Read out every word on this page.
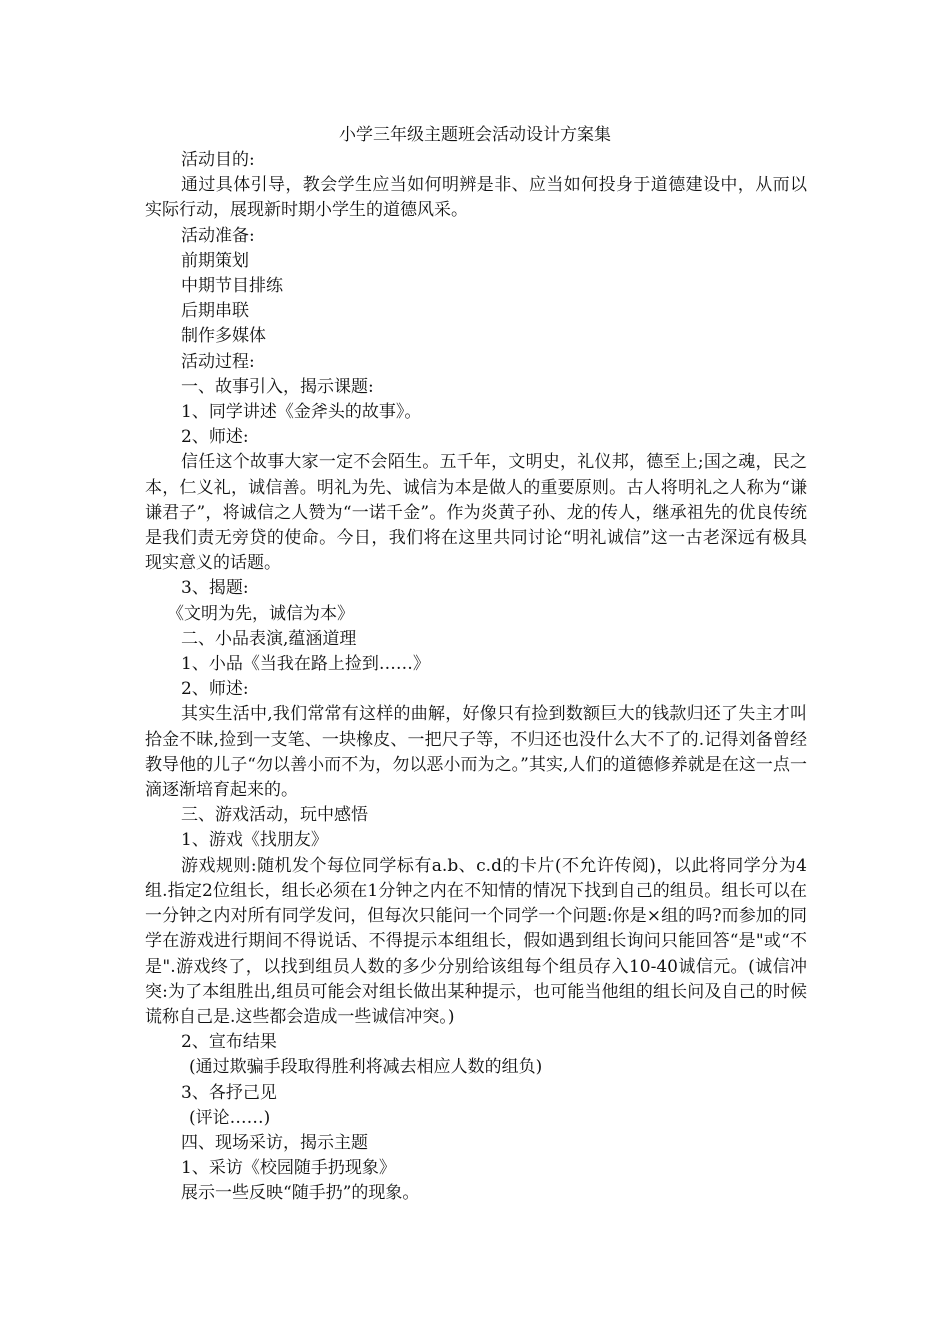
小学三年级主题班会活动设计方案集

活动目的:

通过具体引导，教会学生应当如何明辨是非、应当如何投身于道德建设中，从而以实际行动，展现新时期小学生的道德风采。

活动准备:

前期策划

中期节目排练

后期串联

制作多媒体

活动过程:

一、故事引入，揭示课题:

1、同学讲述《金斧头的故事》。

2、师述:

信任这个故事大家一定不会陌生。五千年，文明史，礼仪邦，德至上;国之魂，民之本，仁义礼，诚信善。明礼为先、诚信为本是做人的重要原则。古人将明礼之人称为“谦谦君子”，将诚信之人赞为“一诺千金”。作为炎黄子孙、龙的传人，继承祖先的优良传统是我们责无旁贷的使命。今日，我们将在这里共同讨论“明礼诚信”这一古老深远有极具现实意义的话题。

3、揭题:

《文明为先，诚信为本》

二、小品表演,蕴涵道理

1、小品《当我在路上捡到……》

2、师述:

其实生活中,我们常常有这样的曲解，好像只有捡到数额巨大的钱款归还了失主才叫拾金不昧,捡到一支笔、一块橡皮、一把尺子等，不归还也没什么大不了的.记得刘备曾经教导他的儿子“勿以善小而不为，勿以恶小而为之。”其实,人们的道德修养就是在这一点一滴逐渐培育起来的。

三、游戏活动，玩中感悟

1、游戏《找朋友》

游戏规则:随机发个每位同学标有a.b、c.d的卡片(不允许传阅)，以此将同学分为4组.指定2位组长，组长必须在1分钟之内在不知情的情况下找到自己的组员。组长可以在一分钟之内对所有同学发问，但每次只能问一个同学一个问题:你是×组的吗?而参加的同学在游戏进行期间不得说话、不得提示本组组长，假如遇到组长询问只能回答“是"或“不是".游戏终了，以找到组员人数的多少分别给该组每个组员存入10-40诚信元。(诚信冲突:为了本组胜出,组员可能会对组长做出某种提示，也可能当他组的组长问及自己的时候谎称自己是.这些都会造成一些诚信冲突。)

2、宣布结果

(通过欺骗手段取得胜利将减去相应人数的组负)

3、各抒己见

(评论……)

四、现场采访，揭示主题

1、采访《校园随手扔现象》

展示一些反映“随手扔”的现象。
